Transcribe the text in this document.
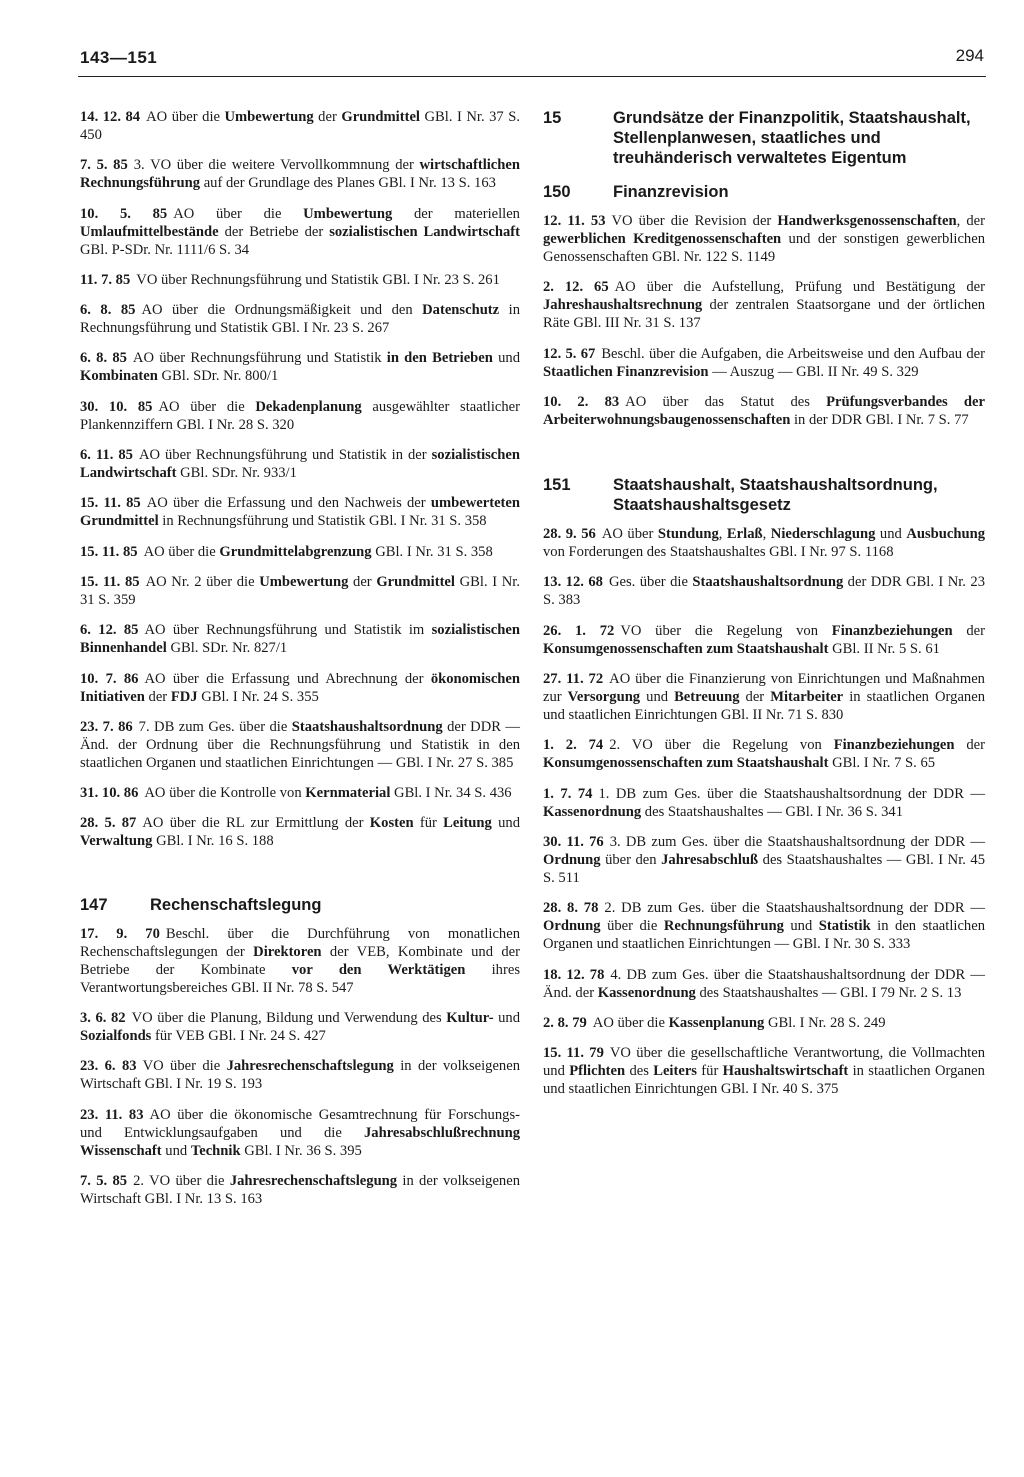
143—151	294

14. 12. 84 AO über die Umbewertung der Grundmittel GBl. I Nr. 37 S. 450

7. 5. 85 3. VO über die weitere Vervollkommnung der wirtschaftlichen Rechnungsführung auf der Grundlage des Planes GBl. I Nr. 13 S. 163

10. 5. 85 AO über die Umbewertung der materiellen Umlaufmittelbestände der Betriebe der sozialistischen Landwirtschaft GBl. P-SDr. Nr. 1111/6 S. 34

11. 7. 85 VO über Rechnungsführung und Statistik GBl. I Nr. 23 S. 261

6. 8. 85 AO über die Ordnungsmäßigkeit und den Datenschutz in Rechnungsführung und Statistik GBl. I Nr. 23 S. 267

6. 8. 85 AO über Rechnungsführung und Statistik in den Betrieben und Kombinaten GBl. SDr. Nr. 800/1

30. 10. 85 AO über die Dekadenplanung ausgewählter staatlicher Plankennziffern GBl. I Nr. 28 S. 320

6. 11. 85 AO über Rechnungsführung und Statistik in der sozialistischen Landwirtschaft GBl. SDr. Nr. 933/1

15. 11. 85 AO über die Erfassung und den Nachweis der umbewerteten Grundmittel in Rechnungsführung und Statistik GBl. I Nr. 31 S. 358

15. 11. 85 AO über die Grundmittelabgrenzung GBl. I Nr. 31 S. 358

15. 11. 85 AO Nr. 2 über die Umbewertung der Grundmittel GBl. I Nr. 31 S. 359

6. 12. 85 AO über Rechnungsführung und Statistik im sozialistischen Binnenhandel GBl. SDr. Nr. 827/1

10. 7. 86 AO über die Erfassung und Abrechnung der ökonomischen Initiativen der FDJ GBl. I Nr. 24 S. 355

23. 7. 86 7. DB zum Ges. über die Staatshaushaltsordnung der DDR — Änd. der Ordnung über die Rechnungsführung und Statistik in den staatlichen Organen und staatlichen Einrichtungen — GBl. I Nr. 27 S. 385

31. 10. 86 AO über die Kontrolle von Kernmaterial GBl. I Nr. 34 S. 436

28. 5. 87 AO über die RL zur Ermittlung der Kosten für Leitung und Verwaltung GBl. I Nr. 16 S. 188

147	Rechenschaftslegung

17. 9. 70 Beschl. über die Durchführung von monatlichen Rechenschaftslegungen der Direktoren der VEB, Kombinate und der Betriebe der Kombinate vor den Werktätigen ihres Verantwortungsbereiches GBl. II Nr. 78 S. 547

3. 6. 82 VO über die Planung, Bildung und Verwendung des Kultur- und Sozialfonds für VEB GBl. I Nr. 24 S. 427

23. 6. 83 VO über die Jahresrechenschaftslegung in der volkseigenen Wirtschaft GBl. I Nr. 19 S. 193

23. 11. 83 AO über die ökonomische Gesamtrechnung für Forschungs- und Entwicklungsaufgaben und die Jahresabschlußrechnung Wissenschaft und Technik GBl. I Nr. 36 S. 395

7. 5. 85 2. VO über die Jahresrechenschaftslegung in der volkseigenen Wirtschaft GBl. I Nr. 13 S. 163

15	Grundsätze der Finanzpolitik, Staatshaushalt, Stellenplanwesen, staatliches und treuhänderisch verwaltetes Eigentum
150	Finanzrevision

12. 11. 53 VO über die Revision der Handwerksgenossenschaften, der gewerblichen Kreditgenossenschaften und der sonstigen gewerblichen Genossenschaften GBl. Nr. 122 S. 1149

2. 12. 65 AO über die Aufstellung, Prüfung und Bestätigung der Jahreshaushaltsrechnung der zentralen Staatsorgane und der örtlichen Räte GBl. III Nr. 31 S. 137

12. 5. 67 Beschl. über die Aufgaben, die Arbeitsweise und den Aufbau der Staatlichen Finanzrevision — Auszug — GBl. II Nr. 49 S. 329

10. 2. 83 AO über das Statut des Prüfungsverbandes der Arbeiterwohnungsbaugenossenschaften in der DDR GBl. I Nr. 7 S. 77

151	Staatshaushalt, Staatshaushaltsordnung, Staatshaushaltsgesetz

28. 9. 56 AO über Stundung, Erlaß, Niederschlagung und Ausbuchung von Forderungen des Staatshaushaltes GBl. I Nr. 97 S. 1168

13. 12. 68 Ges. über die Staatshaushaltsordnung der DDR GBl. I Nr. 23 S. 383

26. 1. 72 VO über die Regelung von Finanzbeziehungen der Konsumgenossenschaften zum Staatshaushalt GBl. II Nr. 5 S. 61

27. 11. 72 AO über die Finanzierung von Einrichtungen und Maßnahmen zur Versorgung und Betreuung der Mitarbeiter in staatlichen Organen und staatlichen Einrichtungen GBl. II Nr. 71 S. 830

1. 2. 74 2. VO über die Regelung von Finanzbeziehungen der Konsumgenossenschaften zum Staatshaushalt GBl. I Nr. 7 S. 65

1. 7. 74 1. DB zum Ges. über die Staatshaushaltsordnung der DDR — Kassenordnung des Staatshaushaltes — GBl. I Nr. 36 S. 341

30. 11. 76 3. DB zum Ges. über die Staatshaushaltsordnung der DDR — Ordnung über den Jahresabschluß des Staatshaushaltes — GBl. I Nr. 45 S. 511

28. 8. 78 2. DB zum Ges. über die Staatshaushaltsordnung der DDR — Ordnung über die Rechnungsführung und Statistik in den staatlichen Organen und staatlichen Einrichtungen — GBl. I Nr. 30 S. 333

18. 12. 78 4. DB zum Ges. über die Staatshaushaltsordnung der DDR — Änd. der Kassenordnung des Staatshaushaltes — GBl. I 79 Nr. 2 S. 13

2. 8. 79 AO über die Kassenplanung GBl. I Nr. 28 S. 249

15. 11. 79 VO über die gesellschaftliche Verantwortung, die Vollmachten und Pflichten des Leiters für Haushaltswirtschaft in staatlichen Organen und staatlichen Einrichtungen GBl. I Nr. 40 S. 375
